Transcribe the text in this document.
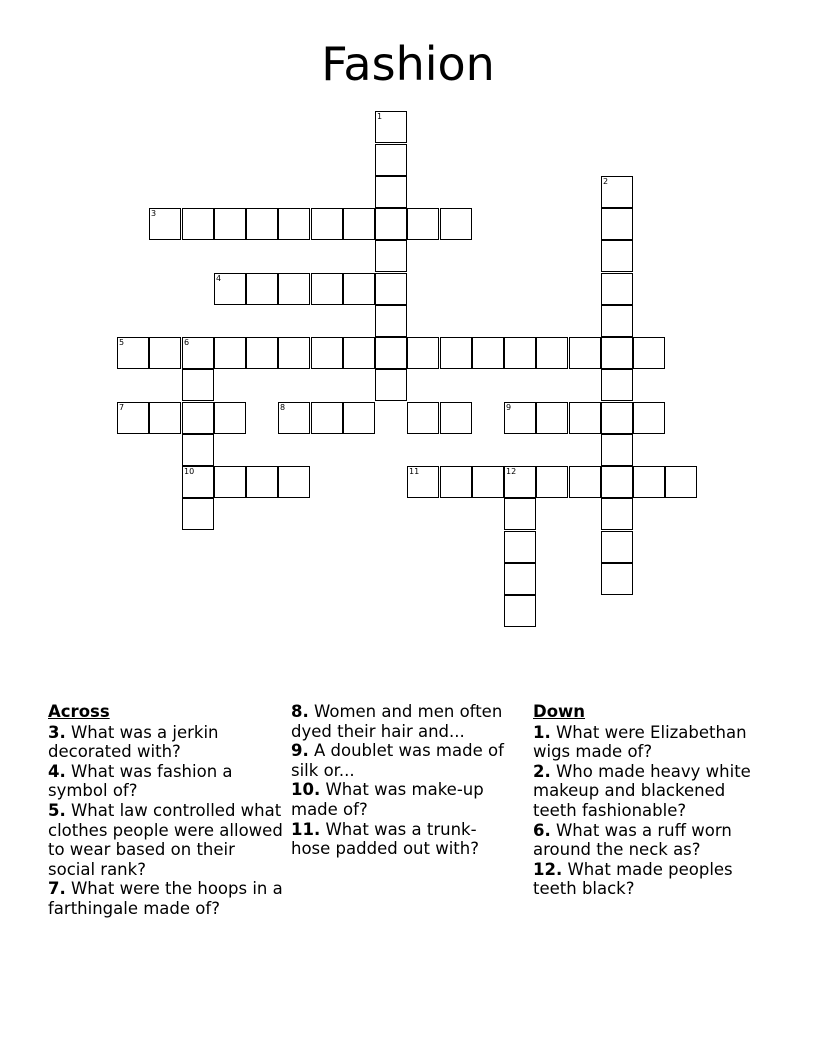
Fashion
1
2
3
4
5	6
10
7	8	9
11	12
Across
3. What was a jerkin decorated with?
4. What was fashion a symbol of?
5. What law controlled what clothes people were allowed to wear based on their social rank?
7. What were the hoops in a farthingale made of?
8. Women and men often dyed their hair and...
9. A doublet was made of silk or...
10. What was make-up made of?
11. What was a trunk-hose padded out with?
Down
1. What were Elizabethan wigs made of?
2. Who made heavy white makeup and blackened teeth fashionable?
6. What was a ruff worn around the neck as?
12. What made peoples teeth black?
